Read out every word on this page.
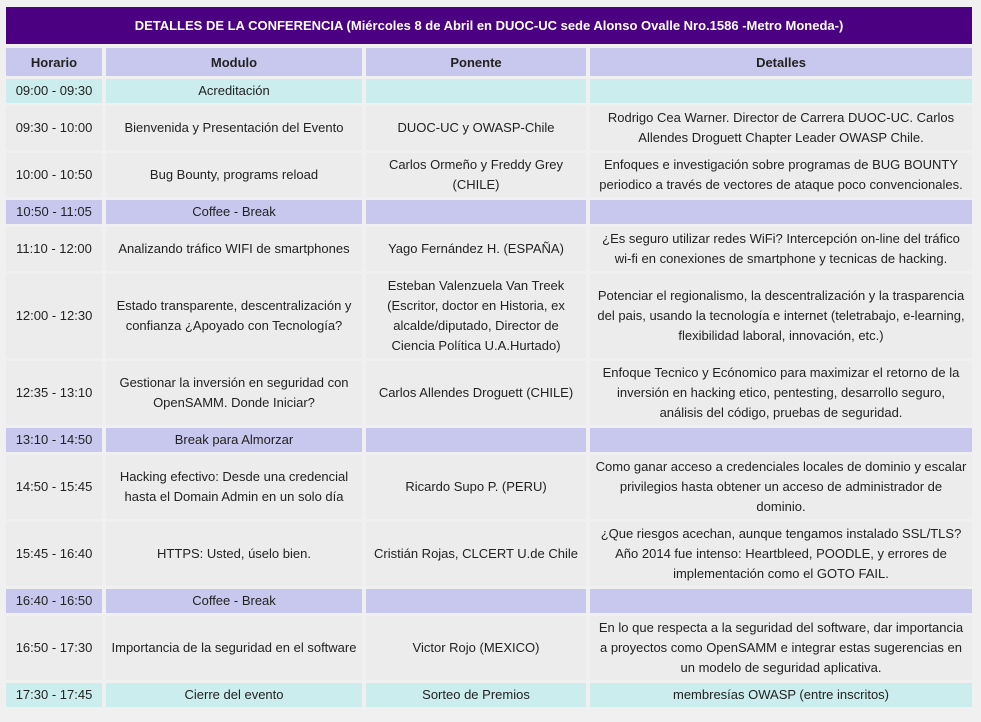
DETALLES DE LA CONFERENCIA (Miércoles 8 de Abril en DUOC-UC sede Alonso Ovalle Nro.1586 -Metro Moneda-)
Horario	Modulo	Ponente	Detalles
09:00 - 09:30	Acreditación		
09:30 - 10:00	Bienvenida y Presentación del Evento	DUOC-UC y OWASP-Chile	Rodrigo Cea Warner. Director de Carrera DUOC-UC. Carlos Allendes Droguett Chapter Leader OWASP Chile.
10:00 - 10:50	Bug Bounty, programs reload	Carlos Ormeño y Freddy Grey (CHILE)	Enfoques e investigación sobre programas de BUG BOUNTY periodico a través de vectores de ataque poco convencionales.
10:50 - 11:05	Coffee - Break		
11:10 - 12:00	Analizando tráfico WIFI de smartphones	Yago Fernández H. (ESPAÑA)	¿Es seguro utilizar redes WiFi? Intercepción on-line del tráfico wi-fi en conexiones de smartphone y tecnicas de hacking.
12:00 - 12:30	Estado transparente, descentralización y confianza ¿Apoyado con Tecnología?	Esteban Valenzuela Van Treek (Escritor, doctor en Historia, ex alcalde/diputado, Director de Ciencia Política U.A.Hurtado)	Potenciar el regionalismo, la descentralización y la trasparencia del pais, usando la tecnología e internet (teletrabajo, e-learning, flexibilidad laboral, innovación, etc.)
12:35 - 13:10	Gestionar la inversión en seguridad con OpenSAMM. Donde Iniciar?	Carlos Allendes Droguett (CHILE)	Enfoque Tecnico y Ecónomico para maximizar el retorno de la inversión en hacking etico, pentesting, desarrollo seguro, análisis del código, pruebas de seguridad.
13:10 - 14:50	Break para Almorzar		
14:50 - 15:45	Hacking efectivo: Desde una credencial hasta el Domain Admin en un solo día	Ricardo Supo P. (PERU)	Como ganar acceso a credenciales locales de dominio y escalar privilegios hasta obtener un acceso de administrador de dominio.
15:45 - 16:40	HTTPS: Usted, úselo bien.	Cristián Rojas, CLCERT U.de Chile	¿Que riesgos acechan, aunque tengamos instalado SSL/TLS? Año 2014 fue intenso: Heartbleed, POODLE, y errores de implementación como el GOTO FAIL.
16:40 - 16:50	Coffee - Break		
16:50 - 17:30	Importancia de la seguridad en el software	Victor Rojo (MEXICO)	En lo que respecta a la seguridad del software, dar importancia a proyectos como OpenSAMM e integrar estas sugerencias en un modelo de seguridad aplicativa.
17:30 - 17:45	Cierre del evento	Sorteo de Premios	membresías OWASP (entre inscritos)
